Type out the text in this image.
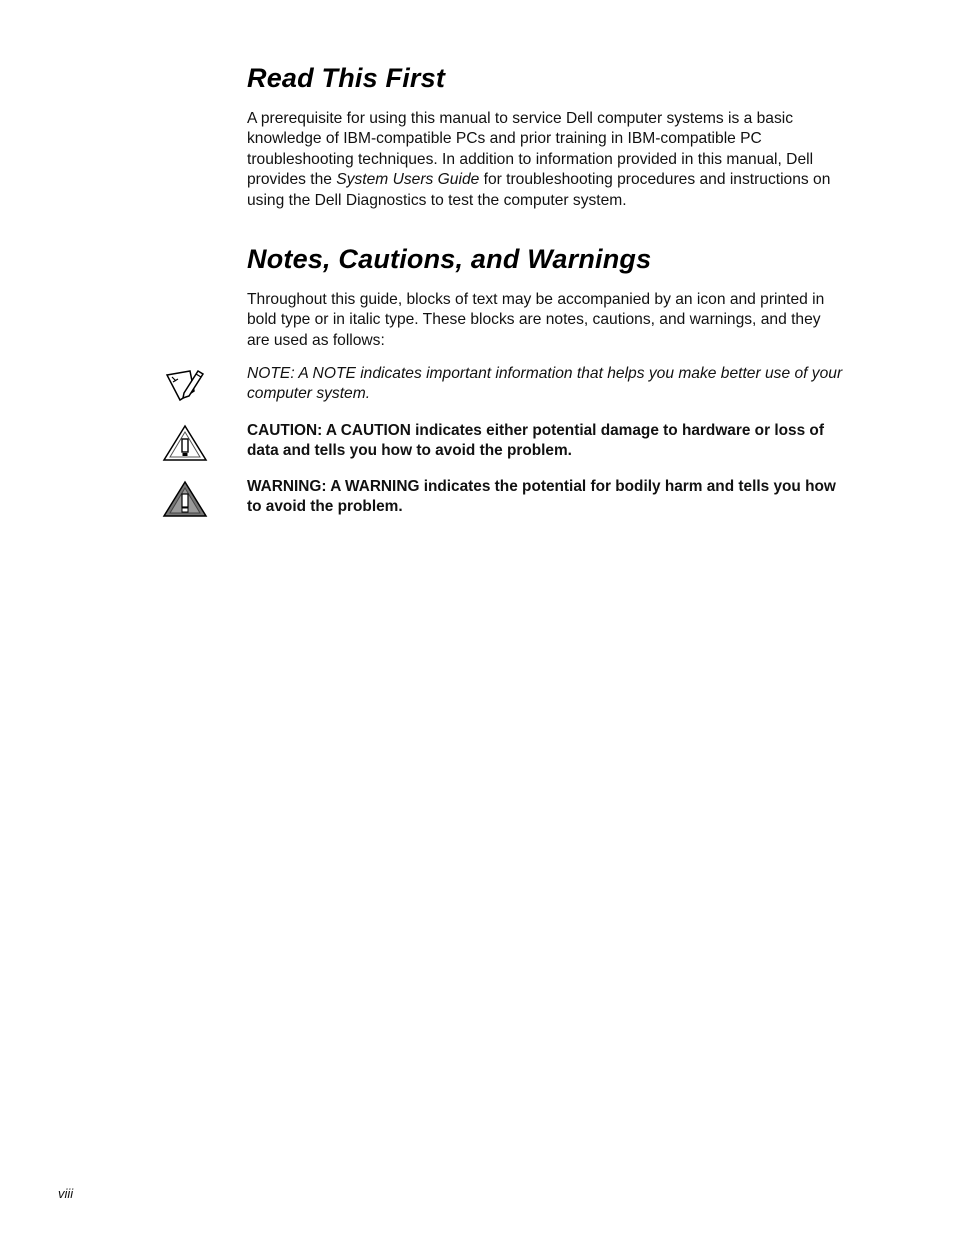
Read This First

A prerequisite for using this manual to service Dell computer systems is a basic knowledge of IBM-compatible PCs and prior training in IBM-compatible PC troubleshooting techniques. In addition to information provided in this manual, Dell provides the System Users Guide for troubleshooting procedures and instructions on using the Dell Diagnostics to test the computer system.

Notes, Cautions, and Warnings

Throughout this guide, blocks of text may be accompanied by an icon and printed in bold type or in italic type. These blocks are notes, cautions, and warnings, and they are used as follows:

NOTE: A NOTE indicates important information that helps you make better use of your computer system.

CAUTION: A CAUTION indicates either potential damage to hardware or loss of data and tells you how to avoid the problem.

WARNING: A WARNING indicates the potential for bodily harm and tells you how to avoid the problem.

viii
